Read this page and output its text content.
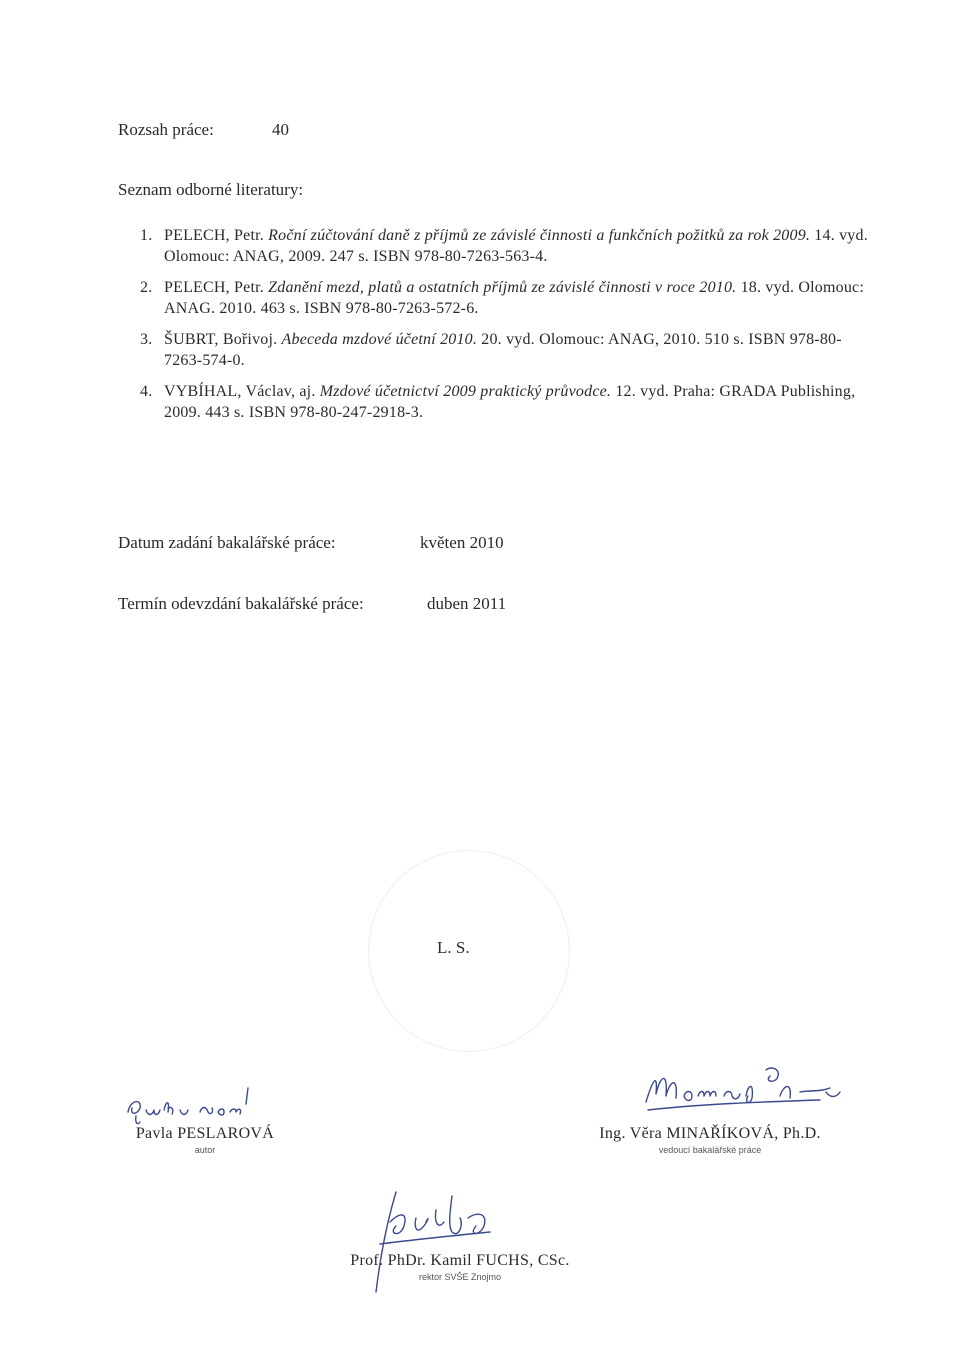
Rozsah práce:	40
Seznam odborné literatury:
1. PELECH, Petr. Roční zúčtování daně z příjmů ze závislé činnosti a funkčních požitků za rok 2009. 14. vyd. Olomouc: ANAG, 2009. 247 s. ISBN 978-80-7263-563-4.
2. PELECH, Petr. Zdanění mezd, platů a ostatních příjmů ze závislé činnosti v roce 2010. 18. vyd. Olomouc: ANAG. 2010. 463 s. ISBN 978-80-7263-572-6.
3. ŠUBRT, Bořivoj. Abeceda mzdové účetní 2010. 20. vyd. Olomouc: ANAG, 2010. 510 s. ISBN 978-80-7263-574-0.
4. VYBÍHAL, Václav, aj. Mzdové účetnictví 2009 praktický průvodce. 12. vyd. Praha: GRADA Publishing, 2009. 443 s. ISBN 978-80-247-2918-3.
Datum zadání bakalářské práce:	květen 2010
Termín odevzdání bakalářské práce:	duben 2011
L. S.
Pavla PESLAROVÁ
autor
Ing. Věra MINAŘÍKOVÁ, Ph.D.
vedoucí bakalářské práce
Prof. PhDr. Kamil FUCHS, CSc.
rektor SVŠE Znojmo
